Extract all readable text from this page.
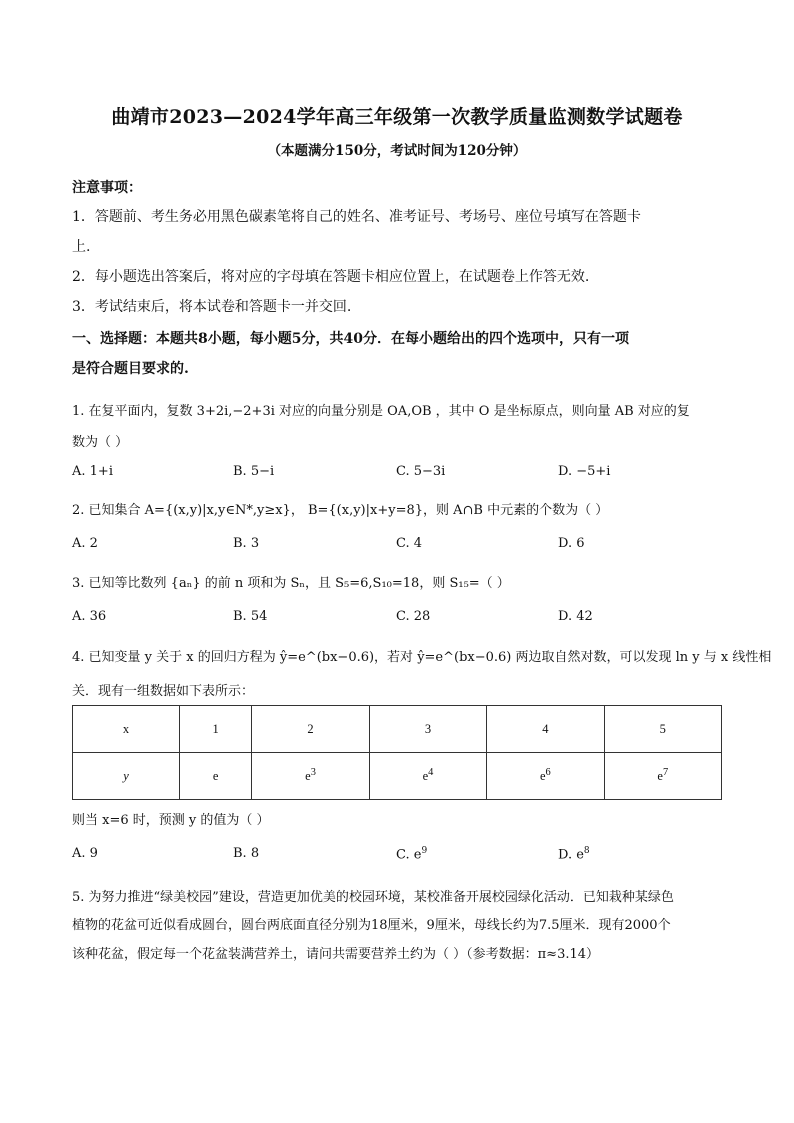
曲靖市2023—2024学年高三年级第一次教学质量监测数学试题卷
（本题满分150分，考试时间为120分钟）
注意事项：
1．答题前、考生务必用黑色碳素笔将自己的姓名、准考证号、考场号、座位号填写在答题卡
上.
2．每小题选出答案后，将对应的字母填在答题卡相应位置上，在试题卷上作答无效.
3．考试结束后，将本试卷和答题卡一并交回.
一、选择题：本题共8小题，每小题5分，共40分．在每小题给出的四个选项中，只有一项
是符合题目要求的.
1. 在复平面内，复数 3+2i,−2+3i 对应的向量分别是 OA,OB ，其中 O 是坐标原点，则向量 AB 对应的复
数为（ ）
A. 1+i	B. 5−i	C. 5−3i	D. −5+i
2. 已知集合 A={(x,y)|x,y∈N*,y≥x}， B={(x,y)|x+y=8}，则 A∩B 中元素的个数为（ ）
A. 2	B. 3	C. 4	D. 6
3. 已知等比数列 {aₙ} 的前 n 项和为 Sₙ，且 S₅=6,S₁₀=18，则 S₁₅=（ ）
A. 36	B. 54	C. 28	D. 42
4. 已知变量 y 关于 x 的回归方程为 ŷ=e^(bx−0.6)，若对 ŷ=e^(bx−0.6) 两边取自然对数，可以发现 ln y 与 x 线性相
关．现有一组数据如下表所示：
x	1	2	3	4	5
y	e	$e^3$	$e^4$	$e^6$	$e^7$
则当 x=6 时，预测 y 的值为（ ）
A. 9	B. 8	C. $e^9$	D. $e^8$
5. 为努力推进“绿美校园”建设，营造更加优美的校园环境，某校准备开展校园绿化活动．已知栽种某绿色
植物的花盆可近似看成圆台，圆台两底面直径分别为18厘米，9厘米，母线长约为7.5厘米．现有2000个
该种花盆，假定每一个花盆装满营养土，请问共需要营养土约为（ ）（参考数据：π≈3.14）
